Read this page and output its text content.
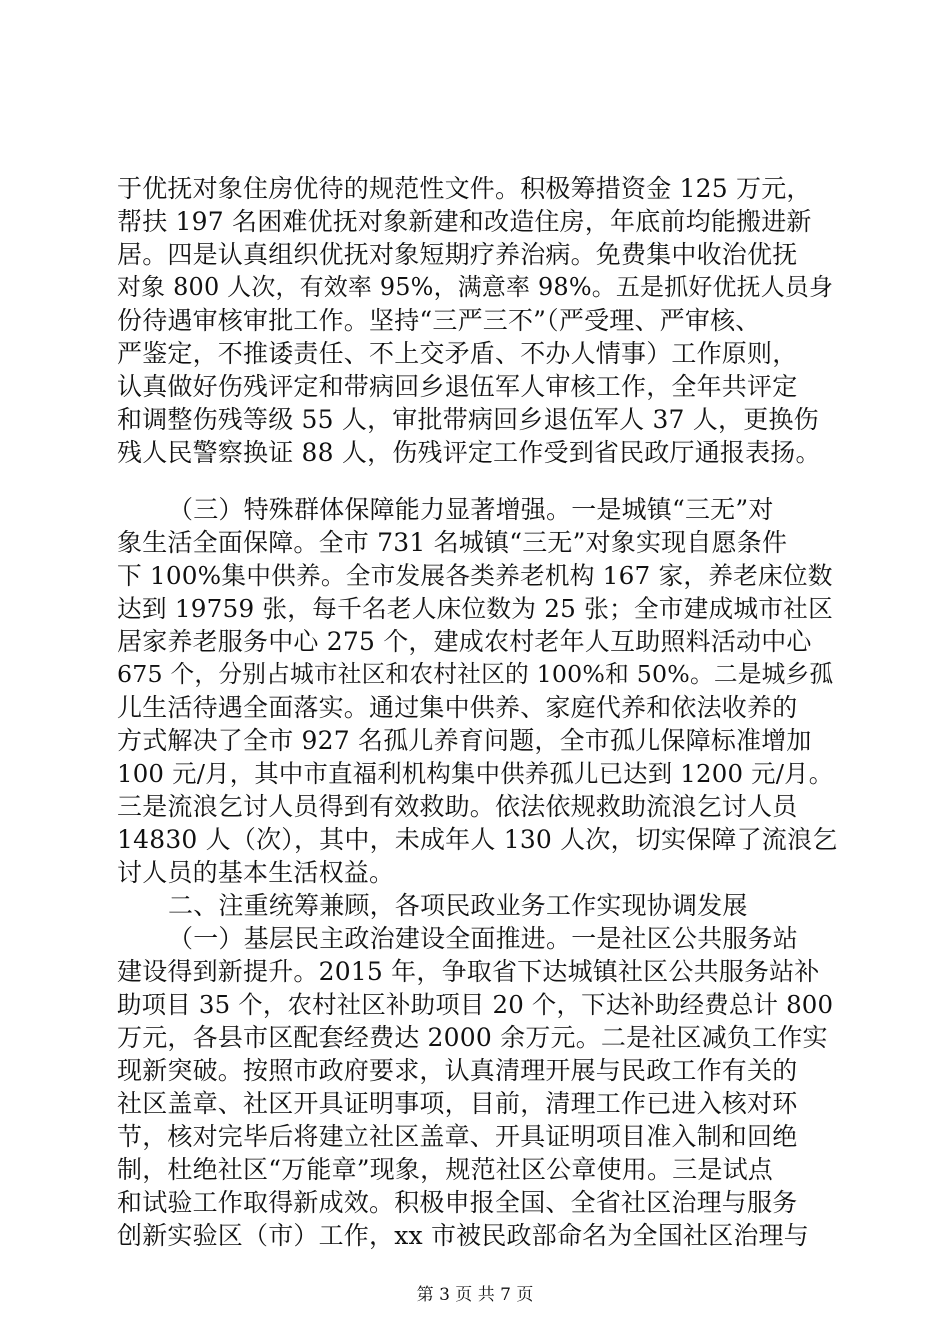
于优抚对象住房优待的规范性文件。积极筹措资金 125 万元，
帮扶 197 名困难优抚对象新建和改造住房，年底前均能搬进新
居。四是认真组织优抚对象短期疗养治病。免费集中收治优抚
对象 800 人次，有效率 95%，满意率 98%。五是抓好优抚人员身
份待遇审核审批工作。坚持“三严三不”（严受理、严审核、
严鉴定，不推诿责任、不上交矛盾、不办人情事）工作原则，
认真做好伤残评定和带病回乡退伍军人审核工作，全年共评定
和调整伤残等级 55 人，审批带病回乡退伍军人 37 人，更换伤
残人民警察换证 88 人，伤残评定工作受到省民政厅通报表扬。
（三）特殊群体保障能力显著增强。一是城镇“三无”对
象生活全面保障。全市 731 名城镇“三无”对象实现自愿条件
下 100%集中供养。全市发展各类养老机构 167 家，养老床位数
达到 19759 张，每千名老人床位数为 25 张；全市建成城市社区
居家养老服务中心 275 个，建成农村老年人互助照料活动中心
675 个，分别占城市社区和农村社区的 100%和 50%。二是城乡孤
儿生活待遇全面落实。通过集中供养、家庭代养和依法收养的
方式解决了全市 927 名孤儿养育问题，全市孤儿保障标准增加
100 元/月，其中市直福利机构集中供养孤儿已达到 1200 元/月。
三是流浪乞讨人员得到有效救助。依法依规救助流浪乞讨人员
14830 人（次），其中，未成年人 130 人次，切实保障了流浪乞
讨人员的基本生活权益。
二、注重统筹兼顾，各项民政业务工作实现协调发展
（一）基层民主政治建设全面推进。一是社区公共服务站
建设得到新提升。2015 年，争取省下达城镇社区公共服务站补
助项目 35 个，农村社区补助项目 20 个，下达补助经费总计 800
万元，各县市区配套经费达 2000 余万元。二是社区减负工作实
现新突破。按照市政府要求，认真清理开展与民政工作有关的
社区盖章、社区开具证明事项，目前，清理工作已进入核对环
节，核对完毕后将建立社区盖章、开具证明项目准入制和回绝
制，杜绝社区“万能章”现象，规范社区公章使用。三是试点
和试验工作取得新成效。积极申报全国、全省社区治理与服务
创新实验区（市）工作，xx 市被民政部命名为全国社区治理与
第 3 页 共 7 页
